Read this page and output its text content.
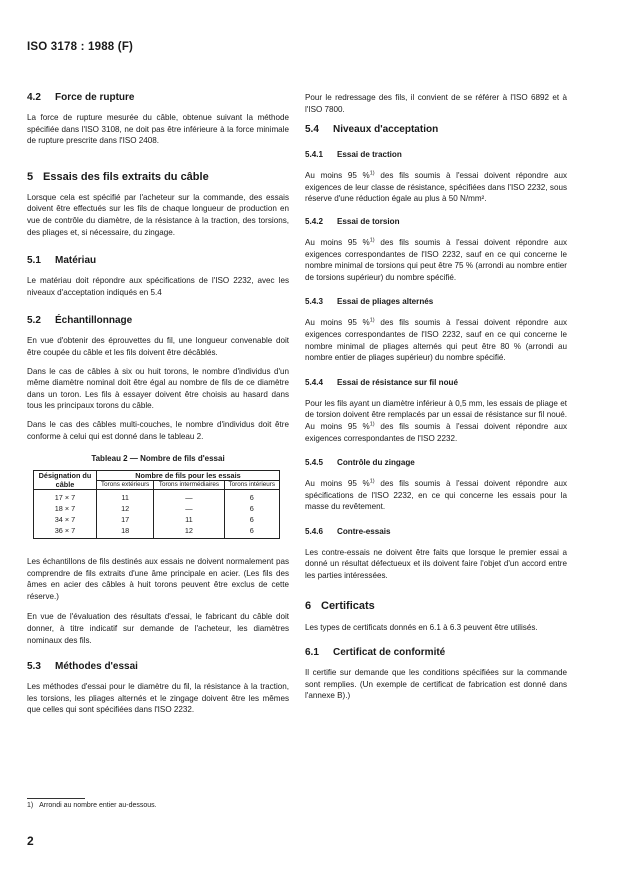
ISO 3178 : 1988 (F)
4.2	Force de rupture

La force de rupture mesurée du câble, obtenue suivant la méthode spécifiée dans l'ISO 3108, ne doit pas être inférieure à la force minimale de rupture prescrite dans l'ISO 2408.

5 Essais des fils extraits du câble

Lorsque cela est spécifié par l'acheteur sur la commande, des essais doivent être effectués sur les fils de chaque longueur de production en vue de contrôle du diamètre, de la résistance à la traction, des torsions, des pliages et, si nécessaire, du zingage.

5.1	Matériau

Le matériau doit répondre aux spécifications de l'ISO 2232, avec les niveaux d'acceptation indiqués en 5.4

5.2	Échantillonnage

En vue d'obtenir des éprouvettes du fil, une longueur convenable doit être coupée du câble et les fils doivent être décâblés.

Dans le cas de câbles à six ou huit torons, le nombre d'individus d'un même diamètre nominal doit être égal au nombre de fils de ce diamètre dans un toron. Les fils à essayer doivent être choisis au hasard dans tous les principaux torons du câble.

Dans le cas des câbles multi-couches, le nombre d'individus doit être conforme à celui qui est donné dans le tableau 2.

Tableau 2 — Nombre de fils d'essai
Désignation du câble	Nombre de fils pour les essais		
	Torons extérieurs	Torons intermédiaires	Torons intérieurs
17 × 7	11	—	6
18 × 7	12	—	6
34 × 7	17	11	6
36 × 7	18	12	6

Les échantillons de fils destinés aux essais ne doivent normalement pas comprendre de fils extraits d'une âme principale en acier. (Les fils des âmes en acier des câbles à huit torons peuvent être exclus de cette réserve.)

En vue de l'évaluation des résultats d'essai, le fabricant du câble doit donner, à titre indicatif sur demande de l'acheteur, les diamètres nominaux des fils.

5.3	Méthodes d'essai

Les méthodes d'essai pour le diamètre du fil, la résistance à la traction, les torsions, les pliages alternés et le zingage doivent être les mêmes que celles qui sont spécifiées dans l'ISO 2232.

Pour le redressage des fils, il convient de se référer à l'ISO 6892 et à l'ISO 7800.

5.4	Niveaux d'acceptation
5.4.1	Essai de traction

Au moins 95 %$^{1)}$ des fils soumis à l'essai doivent répondre aux exigences de leur classe de résistance, spécifiées dans l'ISO 2232, sous réserve d'une réduction égale au plus à 50 N/mm².

5.4.2	Essai de torsion

Au moins 95 %$^{1)}$ des fils soumis à l'essai doivent répondre aux exigences correspondantes de l'ISO 2232, sauf en ce qui concerne le nombre minimal de torsions qui peut être 75 % (arrondi au nombre entier de torsions supérieur) du nombre spécifié.

5.4.3	Essai de pliages alternés

Au moins 95 %$^{1)}$ des fils soumis à l'essai doivent répondre aux exigences correspondantes de l'ISO 2232, sauf en ce qui concerne le nombre minimal de pliages alternés qui peut être 80 % (arrondi au nombre entier de pliages supérieur) du nombre spécifié.

5.4.4	Essai de résistance sur fil noué

Pour les fils ayant un diamètre inférieur à 0,5 mm, les essais de pliage et de torsion doivent être remplacés par un essai de résistance sur fil noué. Au moins 95 %$^{1)}$ des fils soumis à l'essai doivent répondre aux exigences correspondantes de l'ISO 2232.

5.4.5	Contrôle du zingage

Au moins 95 %$^{1)}$ des fils soumis à l'essai doivent répondre aux spécifications de l'ISO 2232, en ce qui concerne les essais pour la masse du revêtement.

5.4.6	Contre-essais

Les contre-essais ne doivent être faits que lorsque le premier essai a donné un résultat défectueux et ils doivent faire l'objet d'un accord entre les parties intéressées.

6 Certificats

Les types de certificats donnés en 6.1 à 6.3 peuvent être utilisés.

6.1	Certificat de conformité

Il certifie sur demande que les conditions spécifiées sur la commande sont remplies. (Un exemple de certificat de fabrication est donné dans l'annexe B).)

1) Arrondi au nombre entier au-dessous.
2
